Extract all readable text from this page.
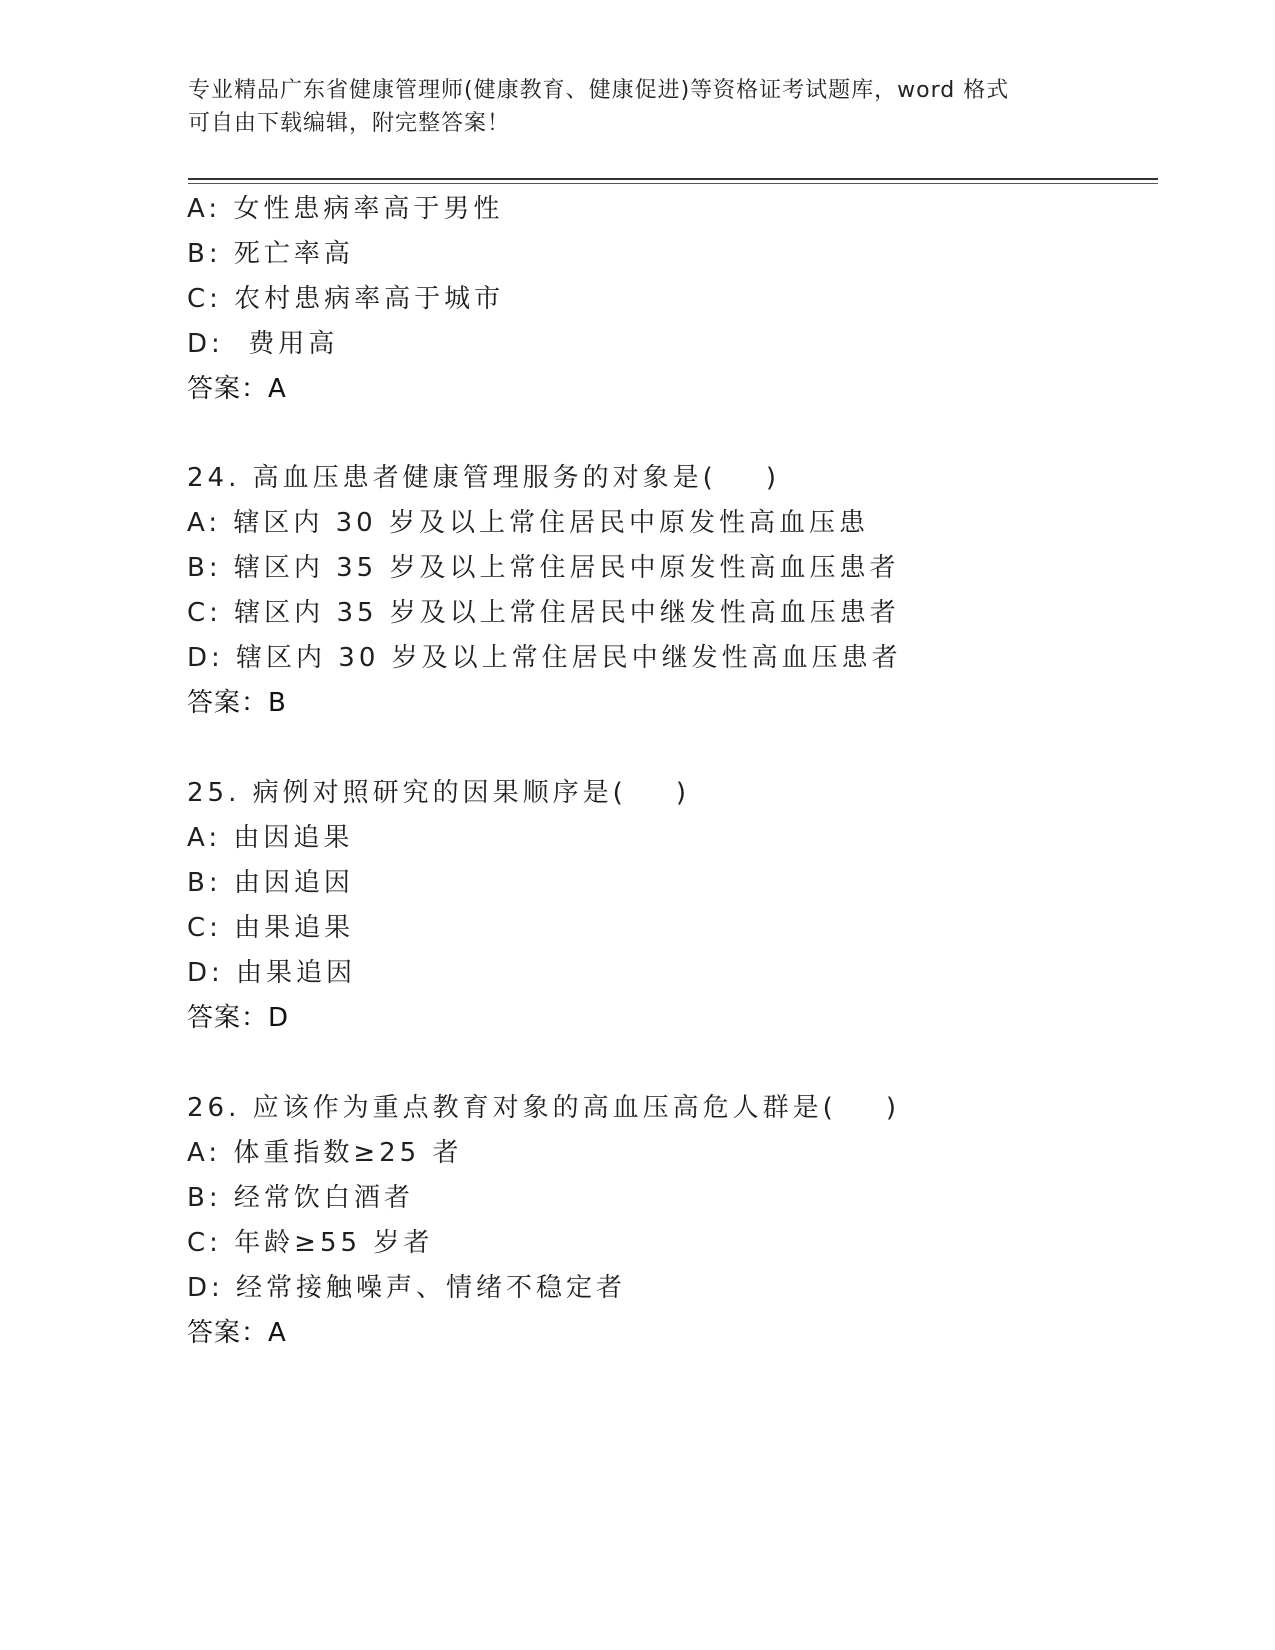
专业精品广东省健康管理师(健康教育、健康促进)等资格证考试题库，word 格式
可自由下载编辑，附完整答案！
A: 女性患病率高于男性
B: 死亡率高
C: 农村患病率高于城市
D:  费用高
答案：A
24. 高血压患者健康管理服务的对象是(    )
A: 辖区内 30 岁及以上常住居民中原发性高血压患
B: 辖区内 35 岁及以上常住居民中原发性高血压患者
C: 辖区内 35 岁及以上常住居民中继发性高血压患者
D: 辖区内 30 岁及以上常住居民中继发性高血压患者
答案：B
25. 病例对照研究的因果顺序是(    )
A: 由因追果
B: 由因追因
C: 由果追果
D: 由果追因
答案：D
26. 应该作为重点教育对象的高血压高危人群是(    )
A: 体重指数≥25 者
B: 经常饮白酒者
C: 年龄≥55 岁者
D: 经常接触噪声、情绪不稳定者
答案：A
